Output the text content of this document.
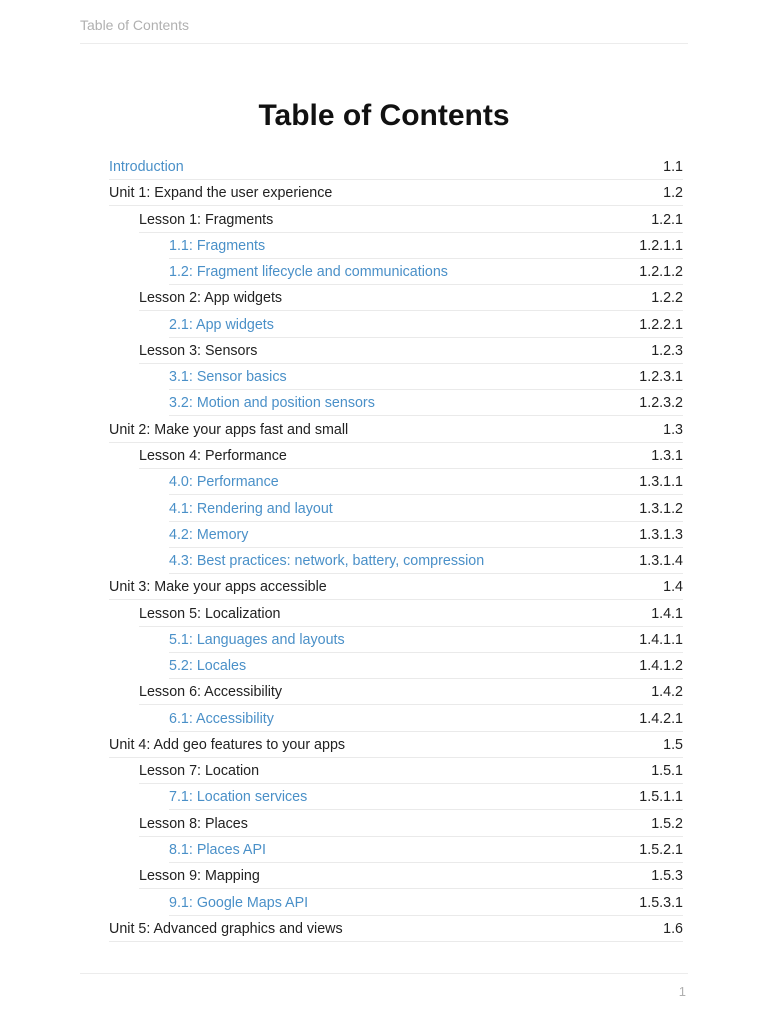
Table of Contents
Table of Contents
Introduction	1.1
Unit 1: Expand the user experience	1.2
Lesson 1: Fragments	1.2.1
1.1: Fragments	1.2.1.1
1.2: Fragment lifecycle and communications	1.2.1.2
Lesson 2: App widgets	1.2.2
2.1: App widgets	1.2.2.1
Lesson 3: Sensors	1.2.3
3.1: Sensor basics	1.2.3.1
3.2: Motion and position sensors	1.2.3.2
Unit 2: Make your apps fast and small	1.3
Lesson 4: Performance	1.3.1
4.0: Performance	1.3.1.1
4.1: Rendering and layout	1.3.1.2
4.2: Memory	1.3.1.3
4.3: Best practices: network, battery, compression	1.3.1.4
Unit 3: Make your apps accessible	1.4
Lesson 5: Localization	1.4.1
5.1: Languages and layouts	1.4.1.1
5.2: Locales	1.4.1.2
Lesson 6: Accessibility	1.4.2
6.1: Accessibility	1.4.2.1
Unit 4: Add geo features to your apps	1.5
Lesson 7: Location	1.5.1
7.1: Location services	1.5.1.1
Lesson 8: Places	1.5.2
8.1: Places API	1.5.2.1
Lesson 9: Mapping	1.5.3
9.1: Google Maps API	1.5.3.1
Unit 5: Advanced graphics and views	1.6
1
